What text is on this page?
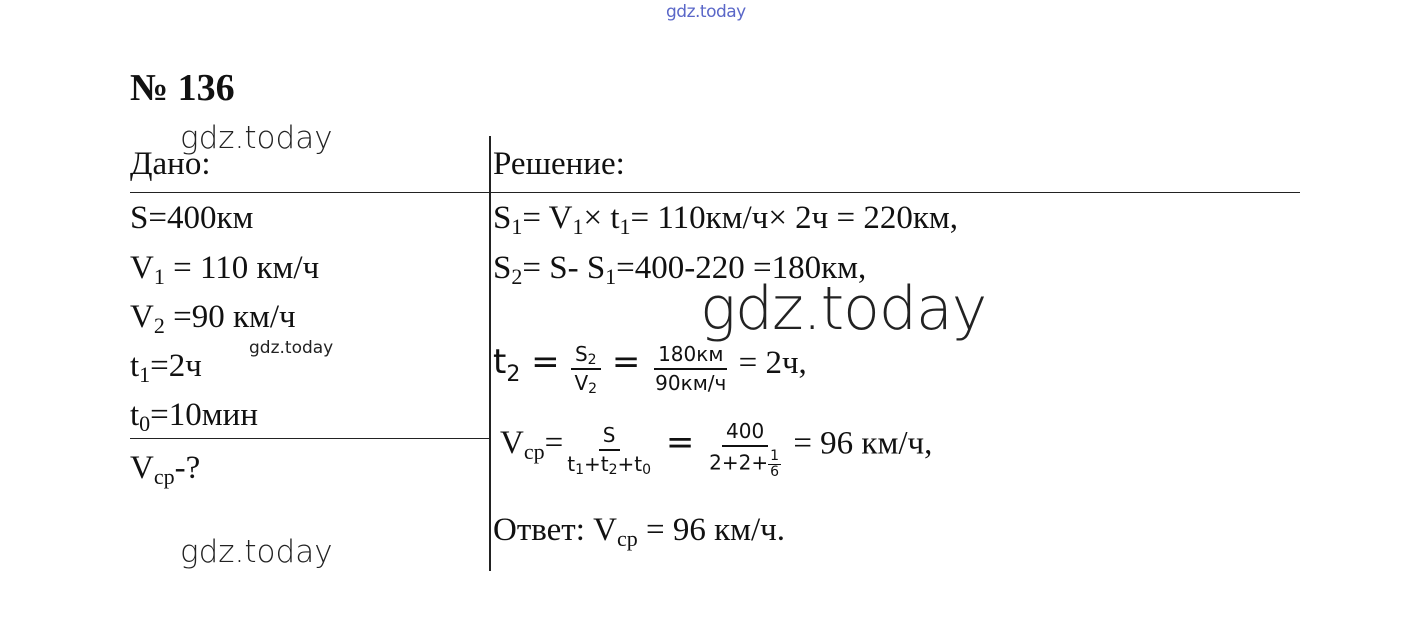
gdz.today
gdz.today
gdz.today
gdz.today
gdz.today
№ 136
Дано:
S=400км
$V_1 = 110$ км/ч
$V_2 =90$ км/ч
$t_1=2ч$
$t_0=10мин$
$V_{cp}-$?
Решение:
$S_1= V_1\times t_1= 110км/ч\times 2ч = 220км$,
$S_2= S-$ $S_1=400-220 =180км$,
$t_2 = \frac{S_2}{V_2} = \frac{180км}{90км/ч} = 2ч$,
$V_{cp}= \frac{S}{t_1+t_2+t_0} = \frac{400}{2+2+ \frac{1}{6}} = 96$ км/ч,
Ответ: $V_{cp} = 96$ км/ч.
